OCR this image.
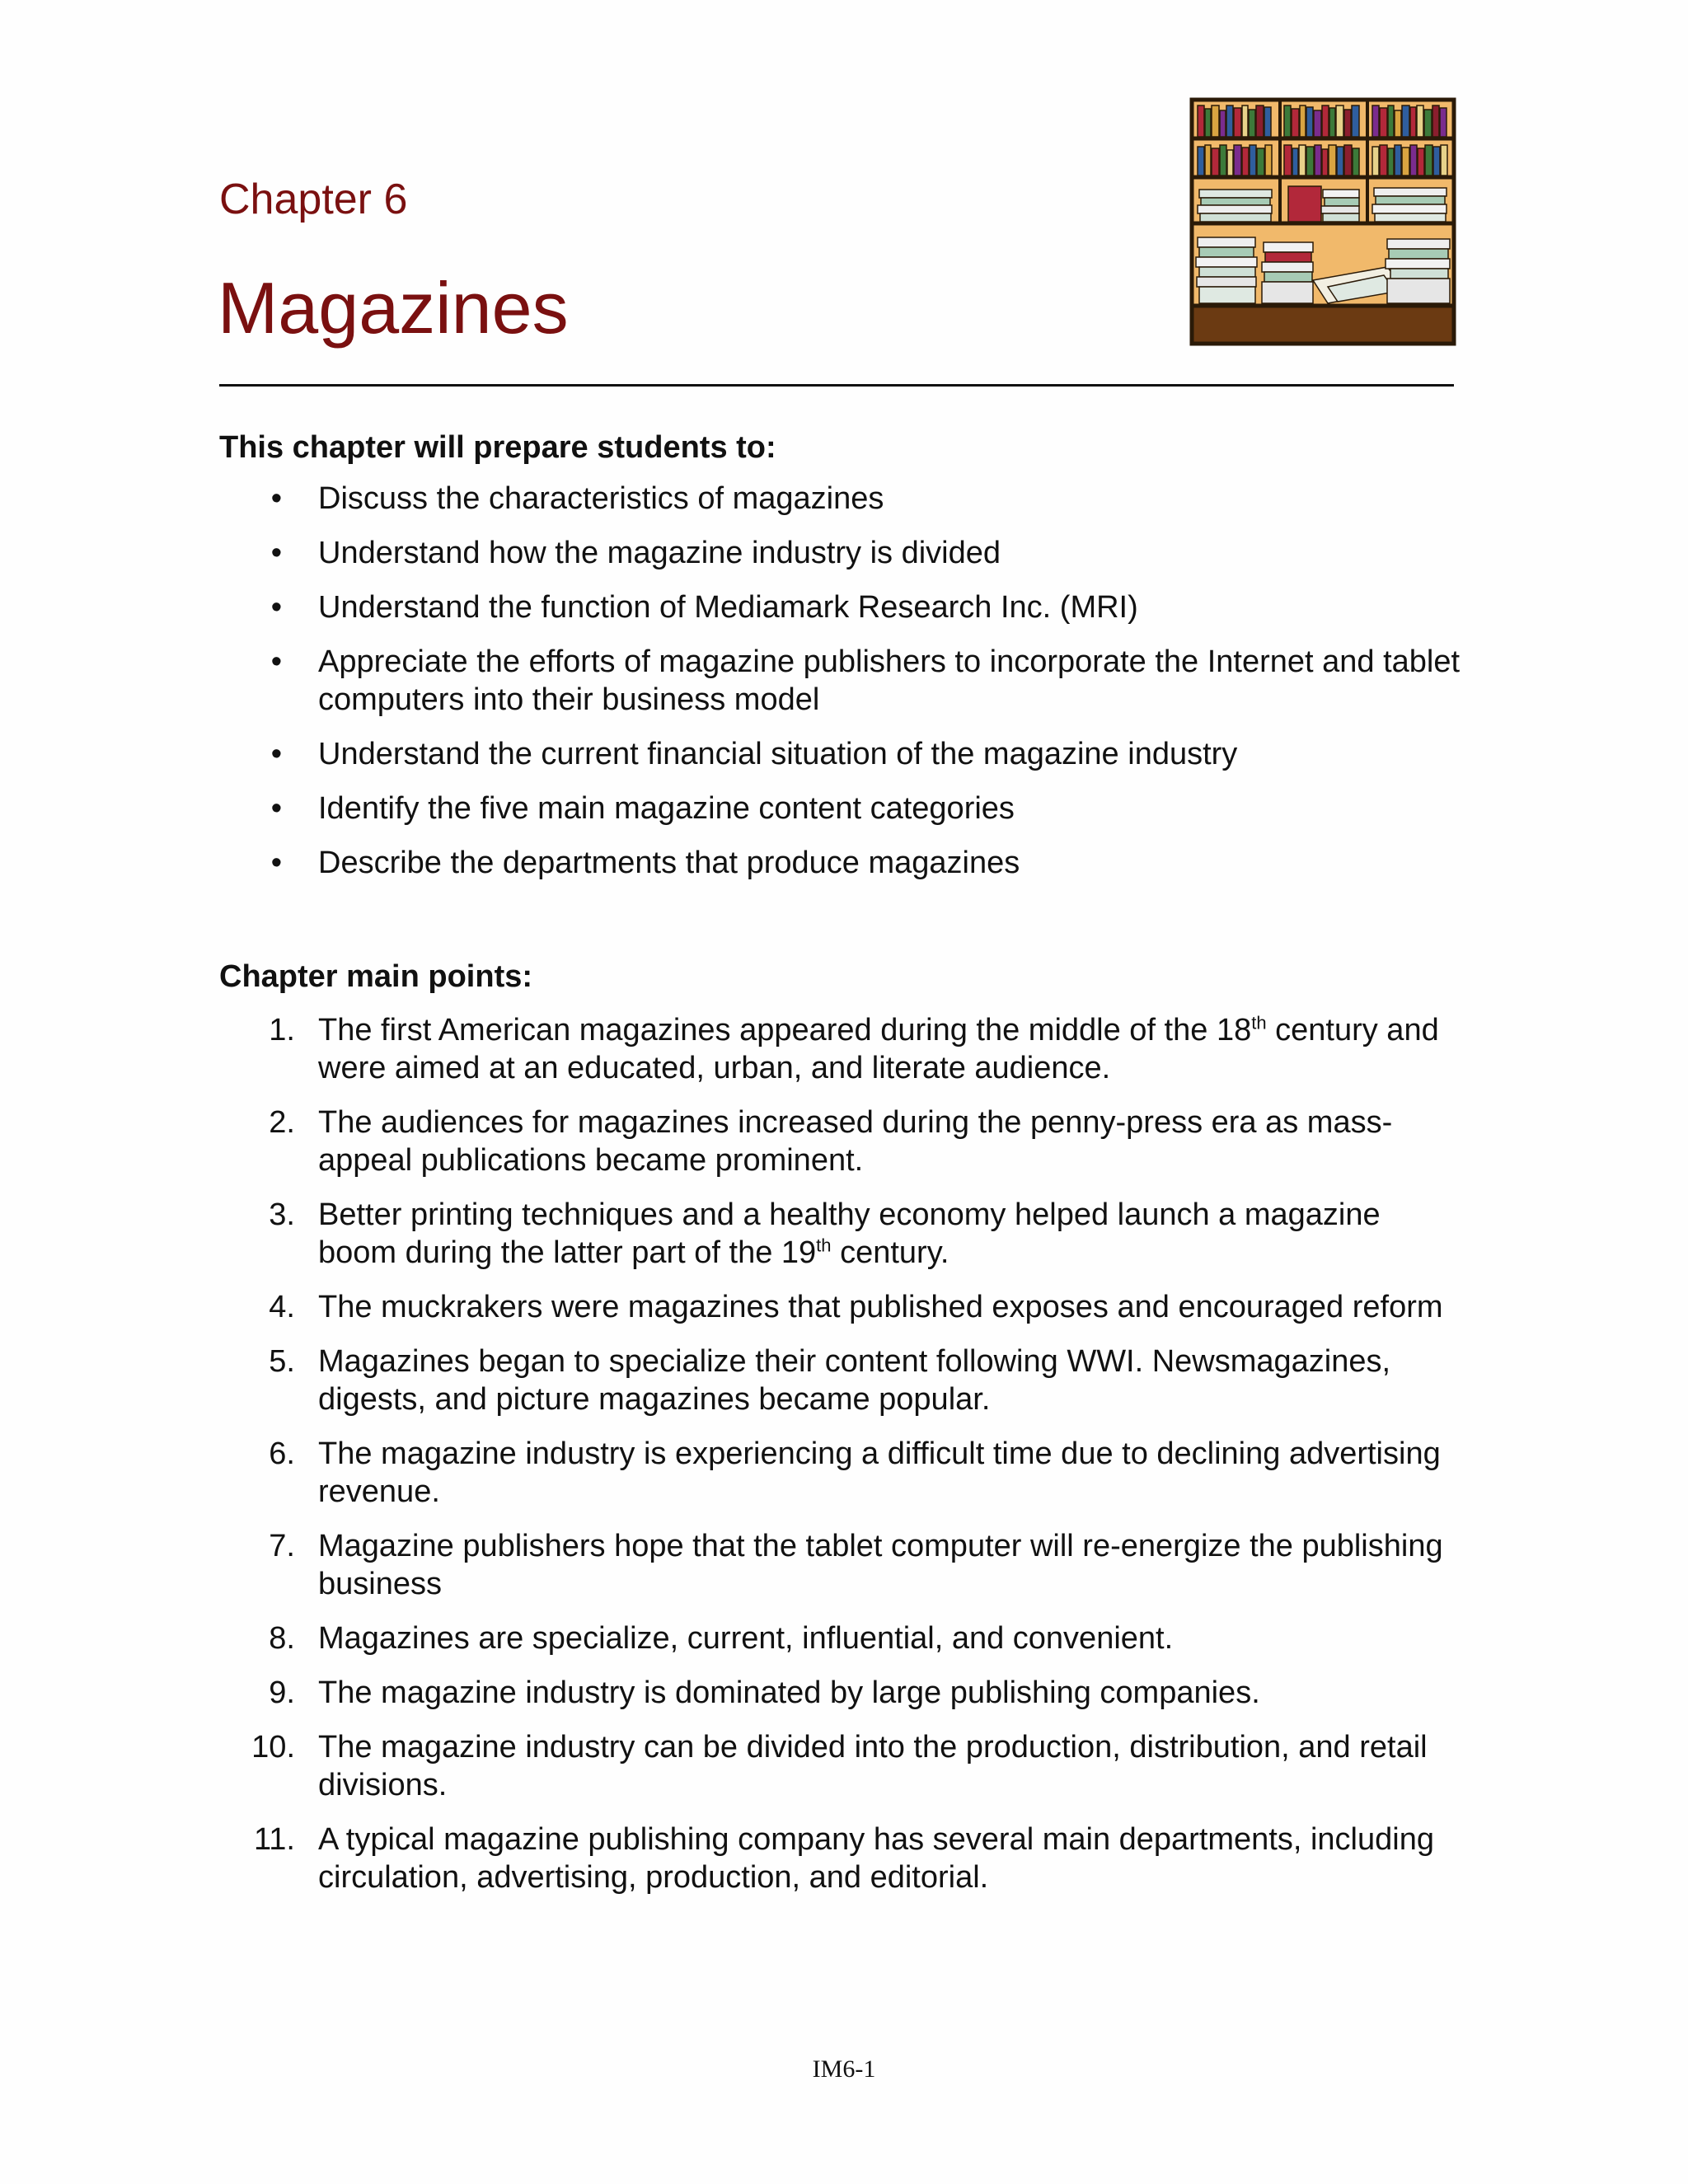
Chapter 6
Magazines
This chapter will prepare students to:
• Discuss the characteristics of magazines
• Understand how the magazine industry is divided
• Understand the function of Mediamark Research Inc. (MRI)
• Appreciate the efforts of magazine publishers to incorporate the Internet and tablet computers into their business model
• Understand the current financial situation of the magazine industry
• Identify the five main magazine content categories
• Describe the departments that produce magazines
Chapter main points:
1. The first American magazines appeared during the middle of the 18th century and were aimed at an educated, urban, and literate audience.
2. The audiences for magazines increased during the penny-press era as mass-appeal publications became prominent.
3. Better printing techniques and a healthy economy helped launch a magazine boom during the latter part of the 19th century.
4. The muckrakers were magazines that published exposes and encouraged reform
5. Magazines began to specialize their content following WWI. Newsmagazines, digests, and picture magazines became popular.
6. The magazine industry is experiencing a difficult time due to declining advertising revenue.
7. Magazine publishers hope that the tablet computer will re-energize the publishing business
8. Magazines are specialize, current, influential, and convenient.
9. The magazine industry is dominated by large publishing companies.
10. The magazine industry can be divided into the production, distribution, and retail divisions.
11. A typical magazine publishing company has several main departments, including circulation, advertising, production, and editorial.
IM6-1
